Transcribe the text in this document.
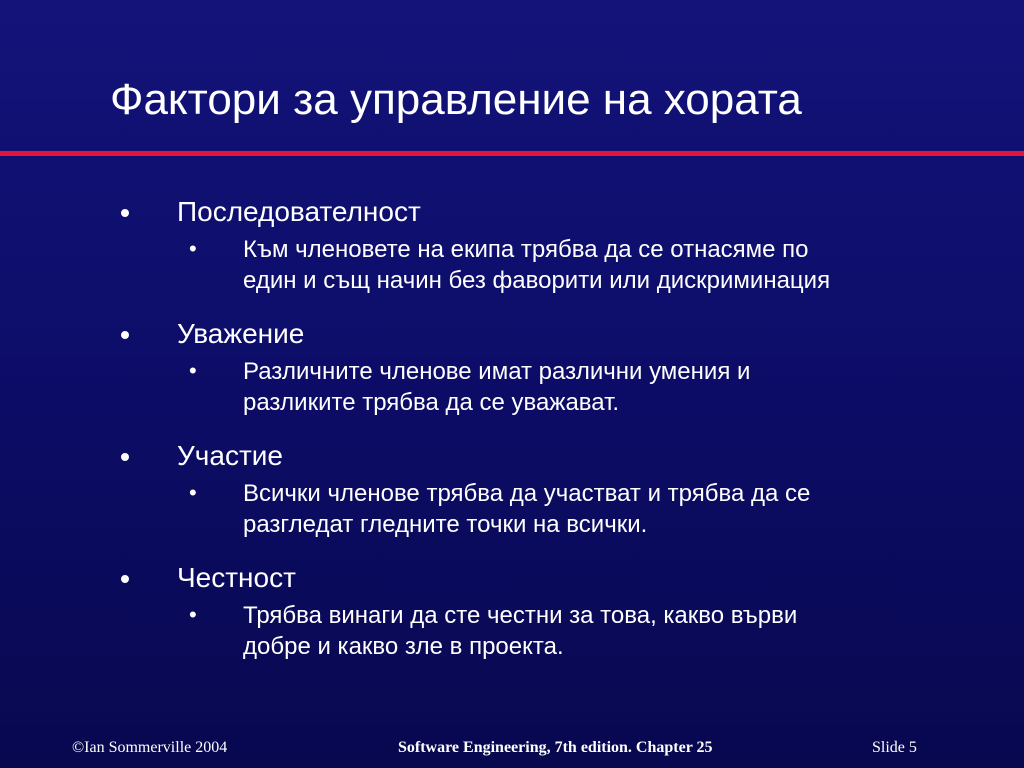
Фактори за управление на хората
Последователност
• Към членовете на екипа трябва да се отнасяме по
един и същ начин без фаворити или дискриминация
Уважение
• Различните членове имат различни умения и
разликите трябва да се уважават.
Участие
• Всички членове трябва да участват и трябва да се
разгледат гледните точки на всички.
Честност
• Трябва винаги да сте честни за това, какво върви
добре и какво зле в проекта.
©Ian Sommerville 2004	Software Engineering, 7th edition. Chapter 25	Slide 5
